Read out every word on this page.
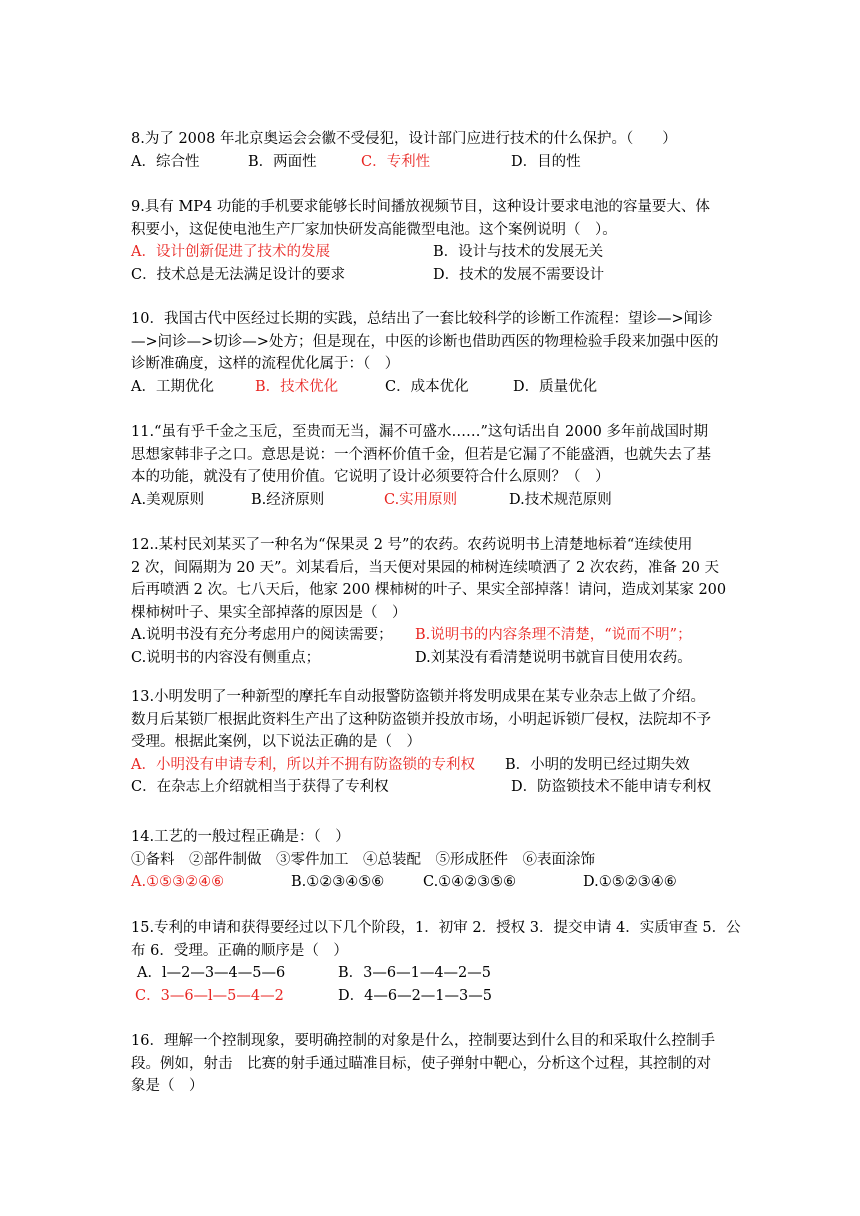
8.为了 2008 年北京奥运会会徽不受侵犯，设计部门应进行技术的什么保护。（　　）
A．综合性	B．两面性	C．专利性	D．目的性
9.具有 MP4 功能的手机要求能够长时间播放视频节目，这种设计要求电池的容量要大、体
积要小，这促使电池生产厂家加快研发高能微型电池。这个案例说明（　）。
A．设计创新促进了技术的发展	B．设计与技术的发展无关
C．技术总是无法满足设计的要求	D．技术的发展不需要设计
10．我国古代中医经过长期的实践，总结出了一套比较科学的诊断工作流程：望诊—>闻诊
—>问诊—>切诊—>处方；但是现在，中医的诊断也借助西医的物理检验手段来加强中医的
诊断准确度，这样的流程优化属于：（　）
A．工期优化	B．技术优化	C．成本优化	D．质量优化
11.“虽有乎千金之玉卮，至贵而无当，漏不可盛水……”这句话出自 2000 多年前战国时期
思想家韩非子之口。意思是说：一个酒杯价值千金，但若是它漏了不能盛酒，也就失去了基
本的功能，就没有了使用价值。它说明了设计必须要符合什么原则？（　）
A.美观原则	B.经济原则	C.实用原则	D.技术规范原则
12..某村民刘某买了一种名为“保果灵 2 号”的农药。农药说明书上清楚地标着“连续使用
2 次，间隔期为 20 天”。刘某看后，当天便对果园的柿树连续喷洒了 2 次农药，准备 20 天
后再喷洒 2 次。七八天后，他家 200 棵柿树的叶子、果实全部掉落！请问，造成刘某家 200
棵柿树叶子、果实全部掉落的原因是（　）
A.说明书没有充分考虑用户的阅读需要； B.说明书的内容条理不清楚，“说而不明”；
C.说明书的内容没有侧重点；	D.刘某没有看清楚说明书就盲目使用农药。
13.小明发明了一种新型的摩托车自动报警防盗锁并将发明成果在某专业杂志上做了介绍。
数月后某锁厂根据此资料生产出了这种防盗锁并投放市场，小明起诉锁厂侵权，法院却不予
受理。根据此案例，以下说法正确的是（　）
A．小明没有申请专利，所以并不拥有防盗锁的专利权 B．小明的发明已经过期失效
C．在杂志上介绍就相当于获得了专利权	D．防盗锁技术不能申请专利权
14.工艺的一般过程正确是：（　）
①备料　②部件制做　③零件加工　④总装配　⑤形成胚件　⑥表面涂饰
A.①⑤③②④⑥	B.①②③④⑤⑥	C.①④②③⑤⑥	D.①⑤②③④⑥
15.专利的申请和获得要经过以下几个阶段，1．初审 2．授权 3．提交申请 4．实质审查 5．公
布 6．受理。正确的顺序是（　）
A．l—2—3—4—5—6	B．3—6—1—4—2—5
C．3—6—l—5—4—2	D．4—6—2—1—3—5
16．理解一个控制现象，要明确控制的对象是什么，控制要达到什么目的和采取什么控制手
段。例如，射击　比赛的射手通过瞄准目标，使子弹射中靶心，分析这个过程，其控制的对
象是（　）
